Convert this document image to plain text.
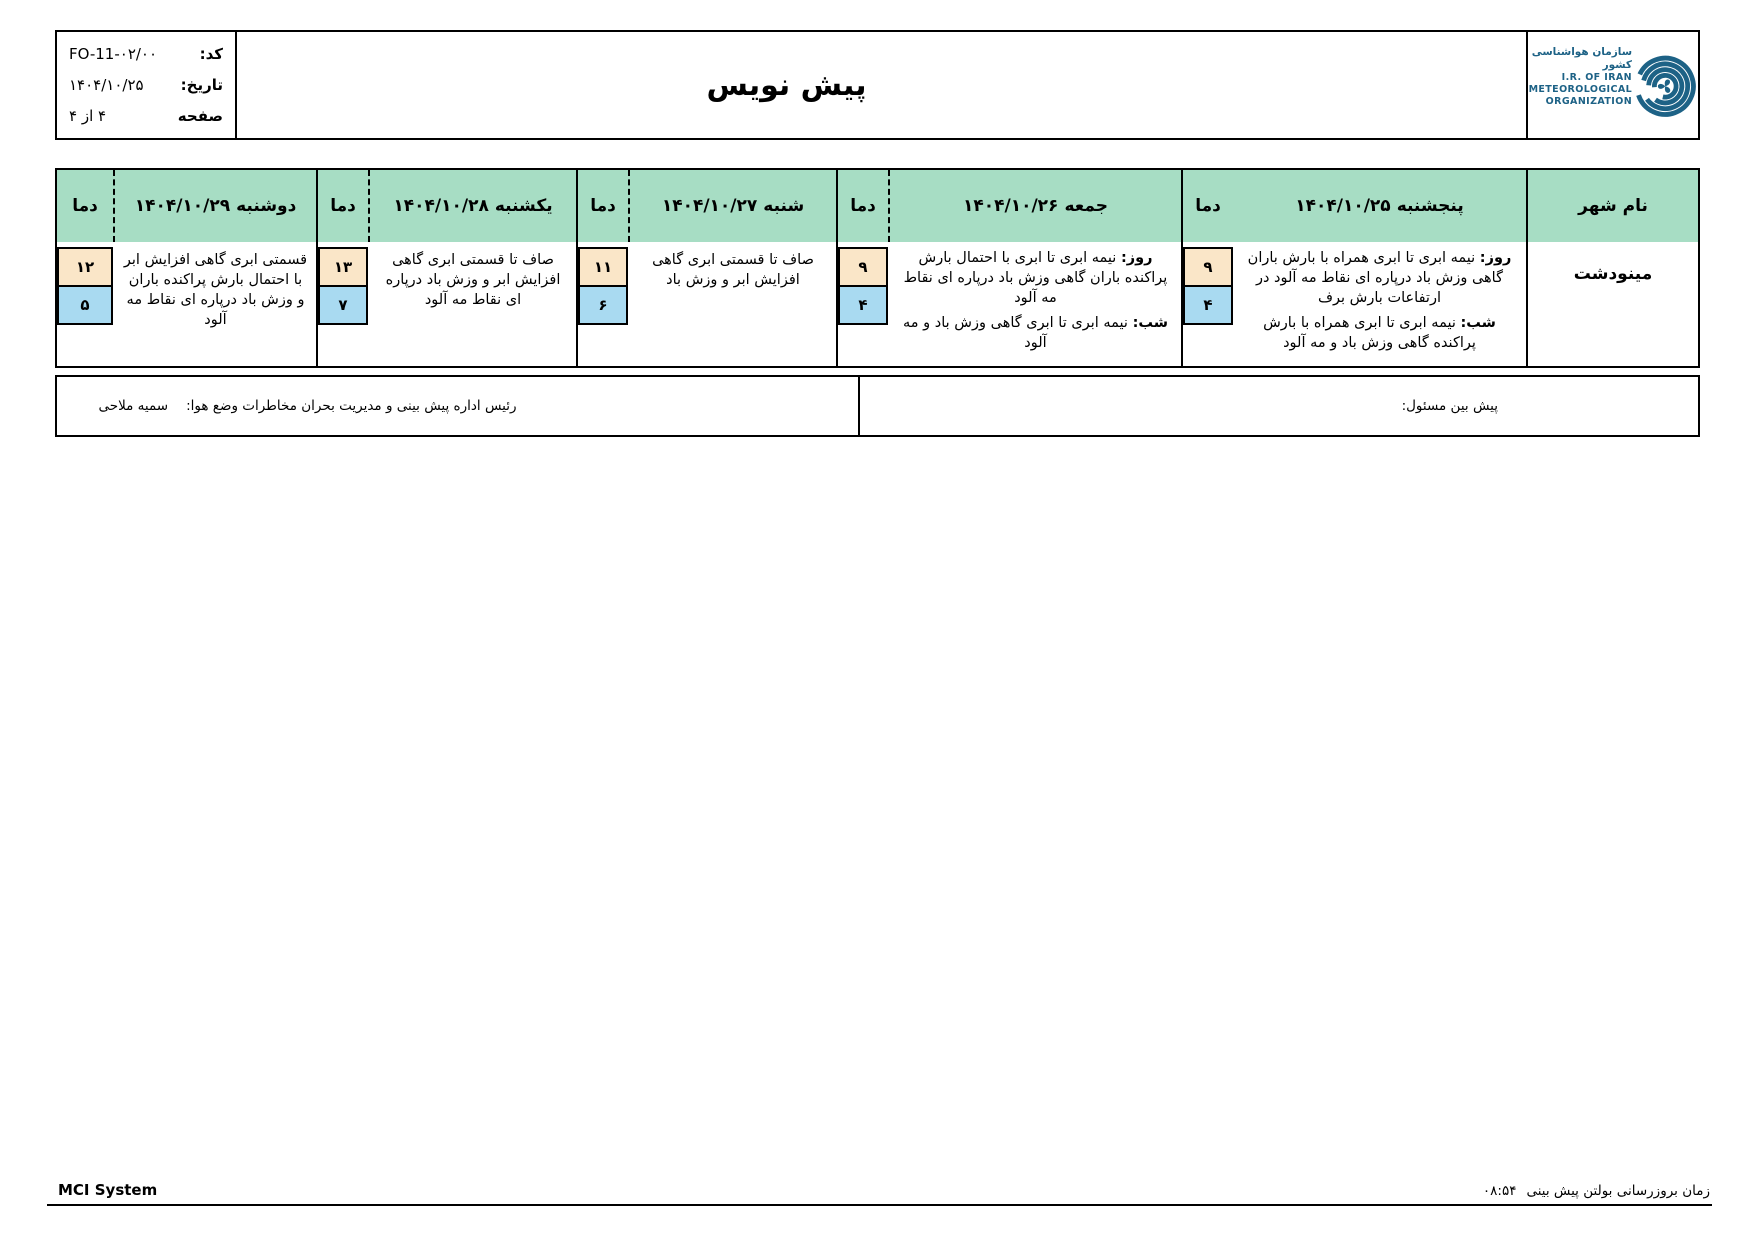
سازمان هواشناسی کشور
I.R. OF IRAN
METEOROLOGICAL
ORGANIZATION
پیش نویس
کد:
FO-11-۰۲/۰۰
تاریخ:
۱۴۰۴/۱۰/۲۵
صفحه
۴ از ۴
نام شهر
پنجشنبه
۱۴۰۴/۱۰/۲۵
دما
جمعه
۱۴۰۴/۱۰/۲۶
دما
شنبه
۱۴۰۴/۱۰/۲۷
دما
یکشنبه
۱۴۰۴/۱۰/۲۸
دما
دوشنبه
۱۴۰۴/۱۰/۲۹
دما
مینودشت

روز: نیمه ابری تا ابری همراه با بارش باران گاهی وزش باد درپاره ای نقاط مه آلود در ارتفاعات بارش برف

شب: نیمه ابری تا ابری همراه با بارش پراکنده گاهی وزش باد و مه آلود

۹
۴

روز: نیمه ابری تا ابری با احتمال بارش پراکنده باران گاهی وزش باد درپاره ای نقاط مه آلود

شب: نیمه ابری تا ابری گاهی وزش باد و مه آلود

۹
۴
صاف تا قسمتی ابری گاهی افزایش ابر و وزش باد
۱۱
۶
صاف تا قسمتی ابری گاهی افزایش ابر و وزش باد درپاره ای نقاط مه آلود
۱۳
۷
قسمتی ابری گاهی افزایش ابر با احتمال بارش پراکنده باران و وزش باد درپاره ای نقاط مه آلود
۱۲
۵
پیش بین مسئول:
رئیس اداره پیش بینی و مدیریت بحران مخاطرات وضع هوا:
سمیه ملاحی
MCI System	زمان بروزرسانی بولتن پیش بینی
۰۸:۵۴
